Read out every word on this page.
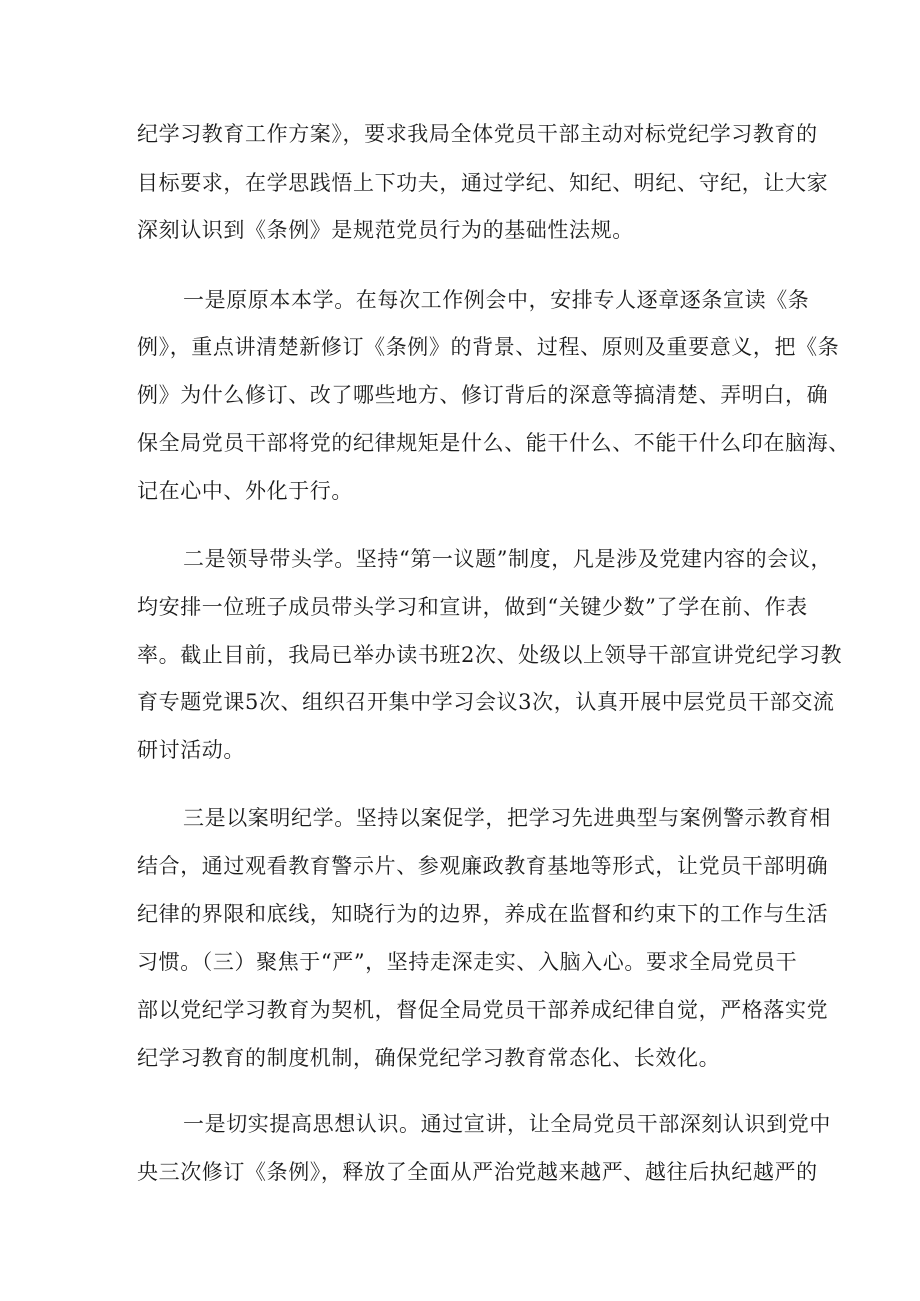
纪学习教育工作方案》，要求我局全体党员干部主动对标党纪学习教育的
目标要求，在学思践悟上下功夫，通过学纪、知纪、明纪、守纪，让大家
深刻认识到《条例》是规范党员行为的基础性法规。
一是原原本本学。在每次工作例会中，安排专人逐章逐条宣读《条
例》，重点讲清楚新修订《条例》的背景、过程、原则及重要意义，把《条
例》为什么修订、改了哪些地方、修订背后的深意等搞清楚、弄明白，确
保全局党员干部将党的纪律规矩是什么、能干什么、不能干什么印在脑海、
记在心中、外化于行。
二是领导带头学。坚持“第一议题”制度，凡是涉及党建内容的会议，
均安排一位班子成员带头学习和宣讲，做到“关键少数”了学在前、作表
率。截止目前，我局已举办读书班2次、处级以上领导干部宣讲党纪学习教
育专题党课5次、组织召开集中学习会议3次，认真开展中层党员干部交流
研讨活动。
三是以案明纪学。坚持以案促学，把学习先进典型与案例警示教育相
结合，通过观看教育警示片、参观廉政教育基地等形式，让党员干部明确
纪律的界限和底线，知晓行为的边界，养成在监督和约束下的工作与生活
习惯。（三）聚焦于“严”，坚持走深走实、入脑入心。要求全局党员干
部以党纪学习教育为契机，督促全局党员干部养成纪律自觉，严格落实党
纪学习教育的制度机制，确保党纪学习教育常态化、长效化。
一是切实提高思想认识。通过宣讲，让全局党员干部深刻认识到党中
央三次修订《条例》，释放了全面从严治党越来越严、越往后执纪越严的
